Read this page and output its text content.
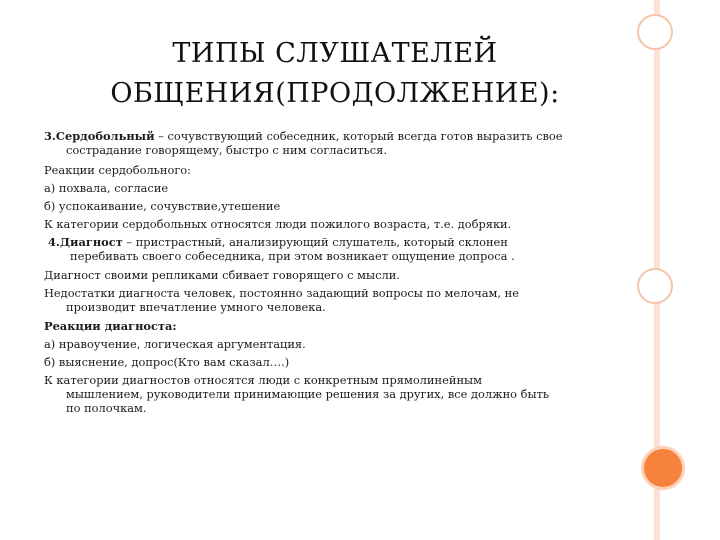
ТИПЫ СЛУШАТЕЛЕЙ
ОБЩЕНИЯ(ПРОДОЛЖЕНИЕ):
3.Сердобольный – сочувствующий собеседник, который всегда готов выразить свое
сострадание говорящему, быстро с ним согласиться.
Реакции сердобольного:
а) похвала, согласие
б) успокаивание, сочувствие,утешение
К категории сердобольных относятся люди пожилого возраста, т.е. добряки.
4.Диагност – пристрастный, анализирующий слушатель, который склонен
перебивать своего собеседника, при этом возникает ощущение допроса .
Диагност своими репликами сбивает говорящего с мысли.
Недостатки диагноста человек, постоянно задающий вопросы по мелочам, не
производит впечатление умного человека.
Реакции диагноста:
а) нравоучение, логическая аргументация.
б) выяснение, допрос(Кто вам сказал….)
К категории диагностов относятся люди с конкретным прямолинейным
мышлением, руководители принимающие решения за других, все должно быть
по полочкам.
